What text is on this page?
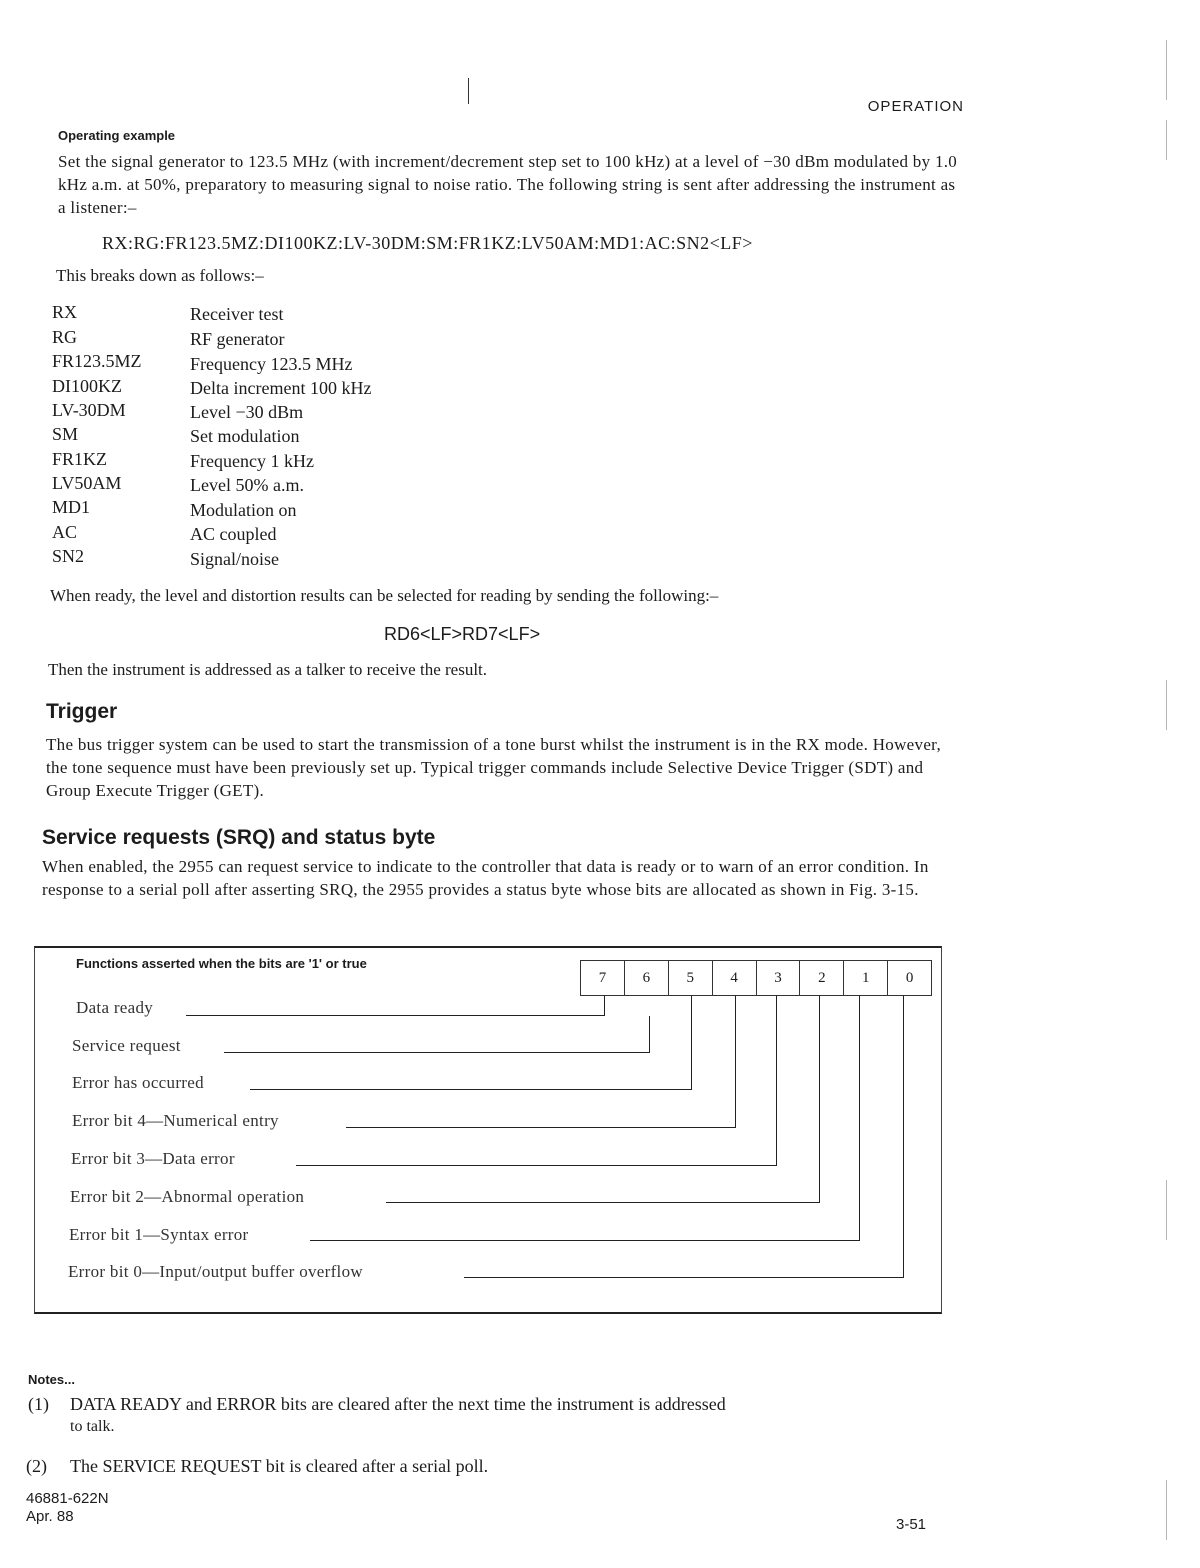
OPERATION
Operating example
Set the signal generator to 123.5 MHz (with increment/decrement step set to 100 kHz) at a level of −30 dBm modulated by 1.0 kHz a.m. at 50%, preparatory to measuring signal to noise ratio. The following string is sent after addressing the instrument as a listener:–
RX:RG:FR123.5MZ:DI100KZ:LV-30DM:SM:FR1KZ:LV50AM:MD1:AC:SN2<LF>
This breaks down as follows:–
RX	Receiver test
RG	RF generator
FR123.5MZ	Frequency 123.5 MHz
DI100KZ	Delta increment 100 kHz
LV-30DM	Level −30 dBm
SM	Set modulation
FR1KZ	Frequency 1 kHz
LV50AM	Level 50% a.m.
MD1	Modulation on
AC	AC coupled
SN2	Signal/noise
When ready, the level and distortion results can be selected for reading by sending the following:–
RD6<LF>RD7<LF>
Then the instrument is addressed as a talker to receive the result.
Trigger
The bus trigger system can be used to start the transmission of a tone burst whilst the instrument is in the RX mode. However, the tone sequence must have been previously set up. Typical trigger commands include Selective Device Trigger (SDT) and Group Execute Trigger (GET).
Service requests (SRQ) and status byte
When enabled, the 2955 can request service to indicate to the controller that data is ready or to warn of an error condition. In response to a serial poll after asserting SRQ, the 2955 provides a status byte whose bits are allocated as shown in Fig. 3-15.
Functions asserted when the bits are '1' or true
7	6	5	4	3	2	1	0
Data ready
Service request
Error has occurred
Error bit 4—Numerical entry
Error bit 3—Data error
Error bit 2—Abnormal operation
Error bit 1—Syntax error
Error bit 0—Input/output buffer overflow
Notes...
(1) DATA READY and ERROR bits are cleared after the next time the instrument is addressed
to talk.
(2) The SERVICE REQUEST bit is cleared after a serial poll.
46881-622N
Apr. 88	3-51
